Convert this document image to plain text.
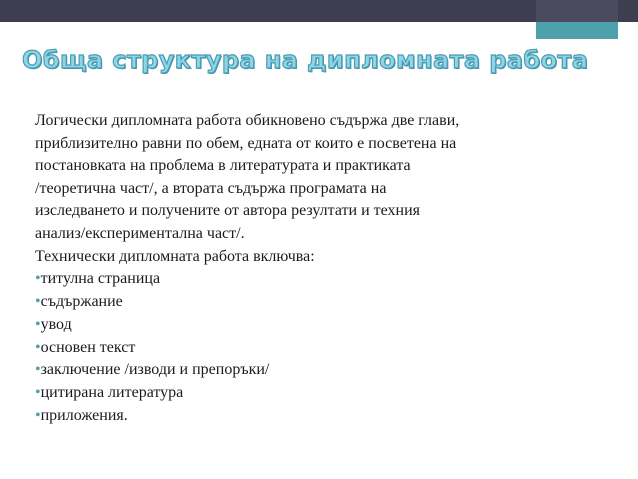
Обща структура на дипломната работа

Логически дипломната работа обикновено съдържа две глави,
приблизително равни по обем, едната от които е посветена на
постановката на проблема в литературата и практиката
/теоретична част/, а втората съдържа програмата на
изследването и получените от автора резултати и техния
анализ/експериментална част/.

Технически дипломната работа включва:

•титулна страница
•съдържание
•увод
•основен текст
•заключение /изводи и препоръки/
•цитирана литература
•приложения.
